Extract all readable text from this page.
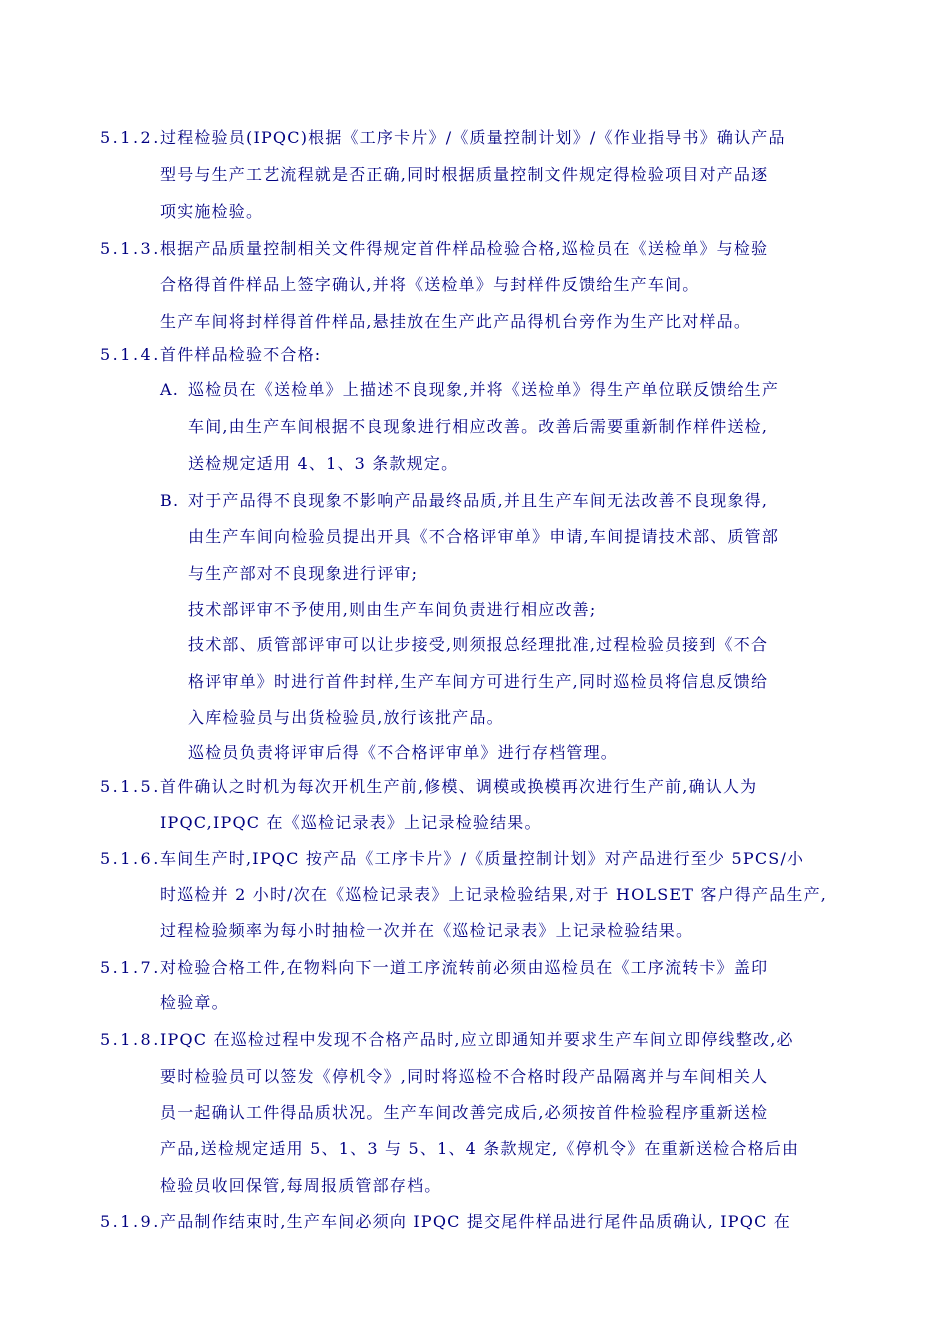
5.1.2. 过程检验员(IPQC)根据《工序卡片》/《质量控制计划》/《作业指导书》确认产品
型号与生产工艺流程就是否正确,同时根据质量控制文件规定得检验项目对产品逐
项实施检验。
5.1.3. 根据产品质量控制相关文件得规定首件样品检验合格,巡检员在《送检单》与检验
合格得首件样品上签字确认,并将《送检单》与封样件反馈给生产车间。
生产车间将封样得首件样品,悬挂放在生产此产品得机台旁作为生产比对样品。
5.1.4. 首件样品检验不合格:
A. 巡检员在《送检单》上描述不良现象,并将《送检单》得生产单位联反馈给生产
车间,由生产车间根据不良现象进行相应改善。改善后需要重新制作样件送检,
送检规定适用 4、1、3 条款规定。
B. 对于产品得不良现象不影响产品最终品质,并且生产车间无法改善不良现象得,
由生产车间向检验员提出开具《不合格评审单》申请,车间提请技术部、质管部
与生产部对不良现象进行评审;
技术部评审不予使用,则由生产车间负责进行相应改善;
技术部、质管部评审可以让步接受,则须报总经理批准,过程检验员接到《不合
格评审单》时进行首件封样,生产车间方可进行生产,同时巡检员将信息反馈给
入库检验员与出货检验员,放行该批产品。
巡检员负责将评审后得《不合格评审单》进行存档管理。
5.1.5. 首件确认之时机为每次开机生产前,修模、调模或换模再次进行生产前,确认人为
IPQC,IPQC 在《巡检记录表》上记录检验结果。
5.1.6. 车间生产时,IPQC 按产品《工序卡片》/《质量控制计划》对产品进行至少 5PCS/小
时巡检并 2 小时/次在《巡检记录表》上记录检验结果,对于 HOLSET 客户得产品生产,
过程检验频率为每小时抽检一次并在《巡检记录表》上记录检验结果。
5.1.7. 对检验合格工件,在物料向下一道工序流转前必须由巡检员在《工序流转卡》盖印
检验章。
5.1.8. IPQC 在巡检过程中发现不合格产品时,应立即通知并要求生产车间立即停线整改,必
要时检验员可以签发《停机令》,同时将巡检不合格时段产品隔离并与车间相关人
员一起确认工件得品质状况。生产车间改善完成后,必须按首件检验程序重新送检
产品,送检规定适用 5、1、3 与 5、1、4 条款规定,《停机令》在重新送检合格后由
检验员收回保管,每周报质管部存档。
5.1.9. 产品制作结束时,生产车间必须向 IPQC 提交尾件样品进行尾件品质确认, IPQC 在
